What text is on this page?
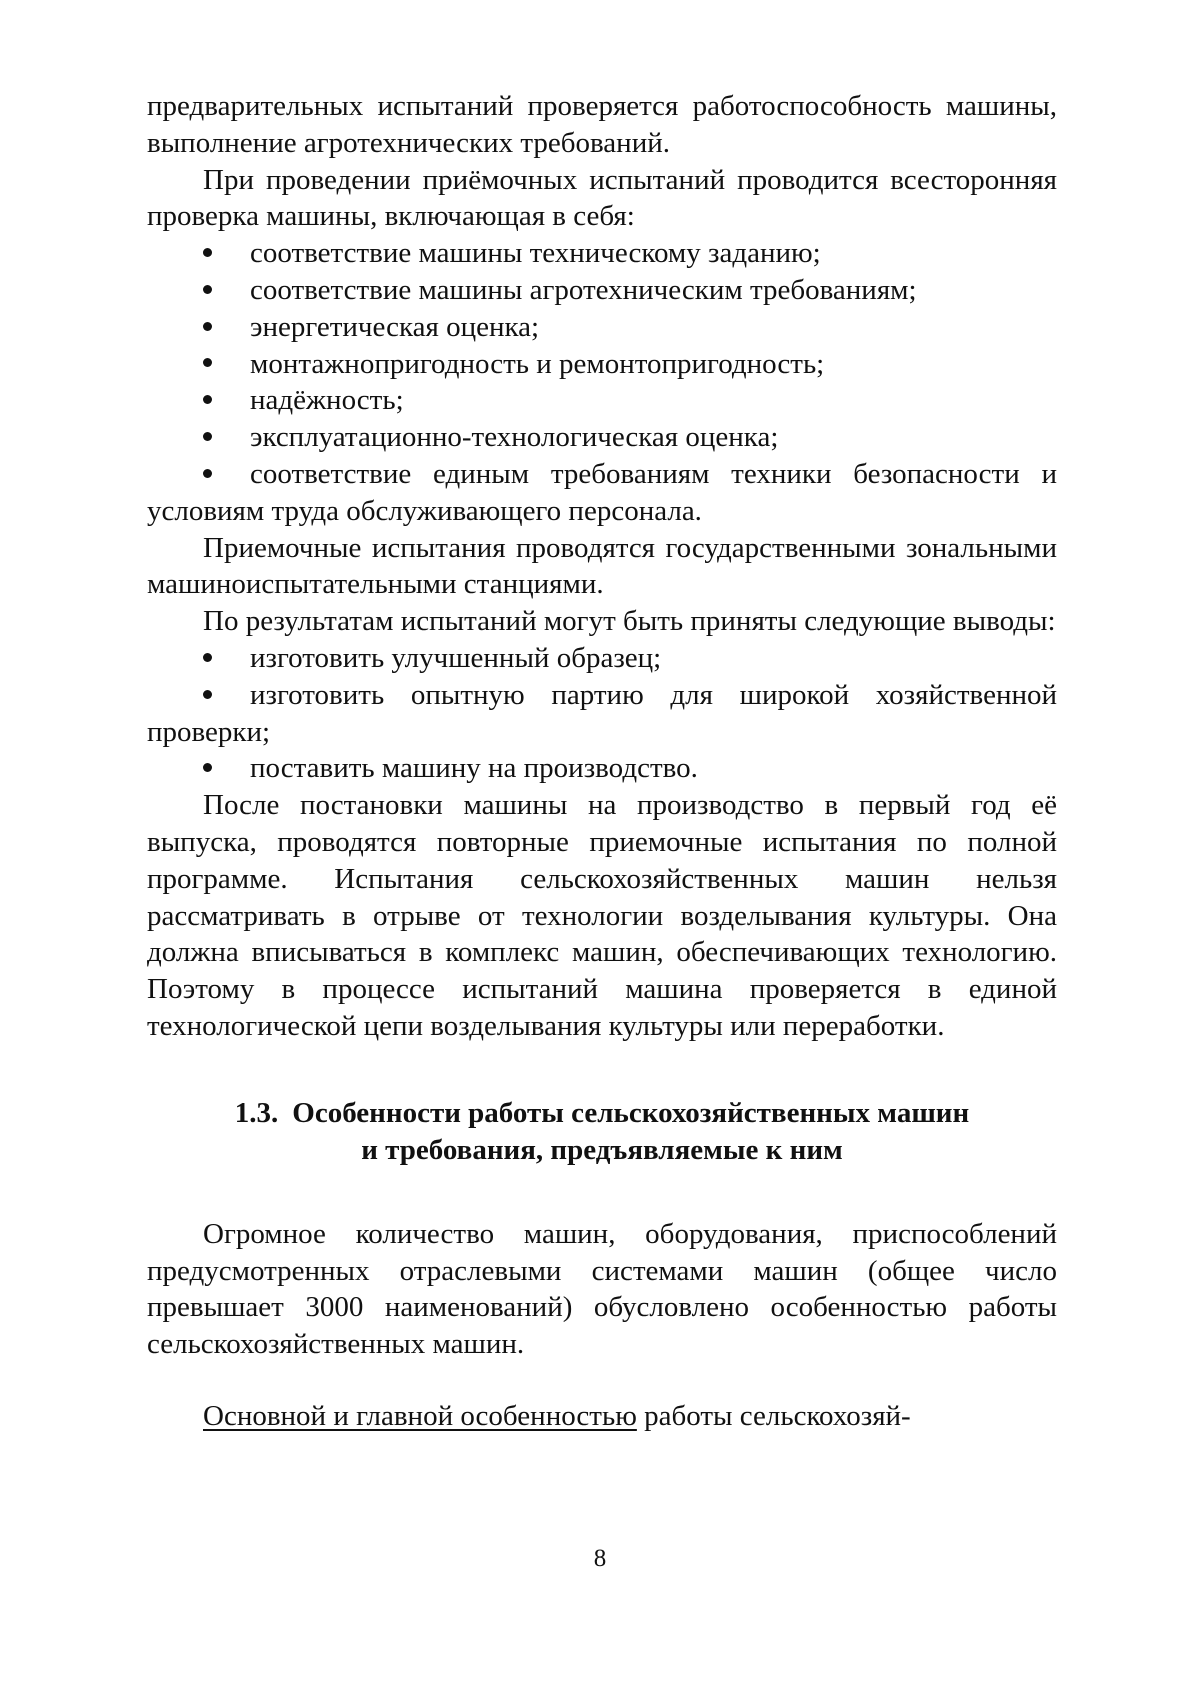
предварительных испытаний проверяется работоспособность машины, выполнение агротехнических требований.

При проведении приёмочных испытаний проводится всесторонняя проверка машины, включающая в себя:

соответствие машины техническому заданию;
соответствие машины агротехническим требованиям;
энергетическая оценка;
монтажнопригодность и ремонтопригодность;
надёжность;
эксплуатационно-технологическая оценка;
соответствие единым требованиям техники безопасности и условиям труда обслуживающего персонала.

Приемочные испытания проводятся государственными зональными машиноиспытательными станциями.

По результатам испытаний могут быть приняты следующие выводы:

изготовить улучшенный образец;
изготовить опытную партию для широкой хозяйственной проверки;
поставить машину на производство.

После постановки машины на производство в первый год её выпуска, проводятся повторные приемочные испытания по полной программе. Испытания сельскохозяйственных машин нельзя рассматривать в отрыве от технологии возделывания культуры. Она должна вписываться в комплекс машин, обеспечивающих технологию. Поэтому в процессе испытаний машина проверяется в единой технологической цепи возделывания культуры или переработки.

1.3. Особенности работы сельскохозяйственных машин
и требования, предъявляемые к ним

Огромное количество машин, оборудования, приспособлений предусмотренных отраслевыми системами машин (общее число превышает 3000 наименований) обусловлено особенностью работы сельскохозяйственных машин.

Основной и главной особенностью работы сельскохозяй-

8
